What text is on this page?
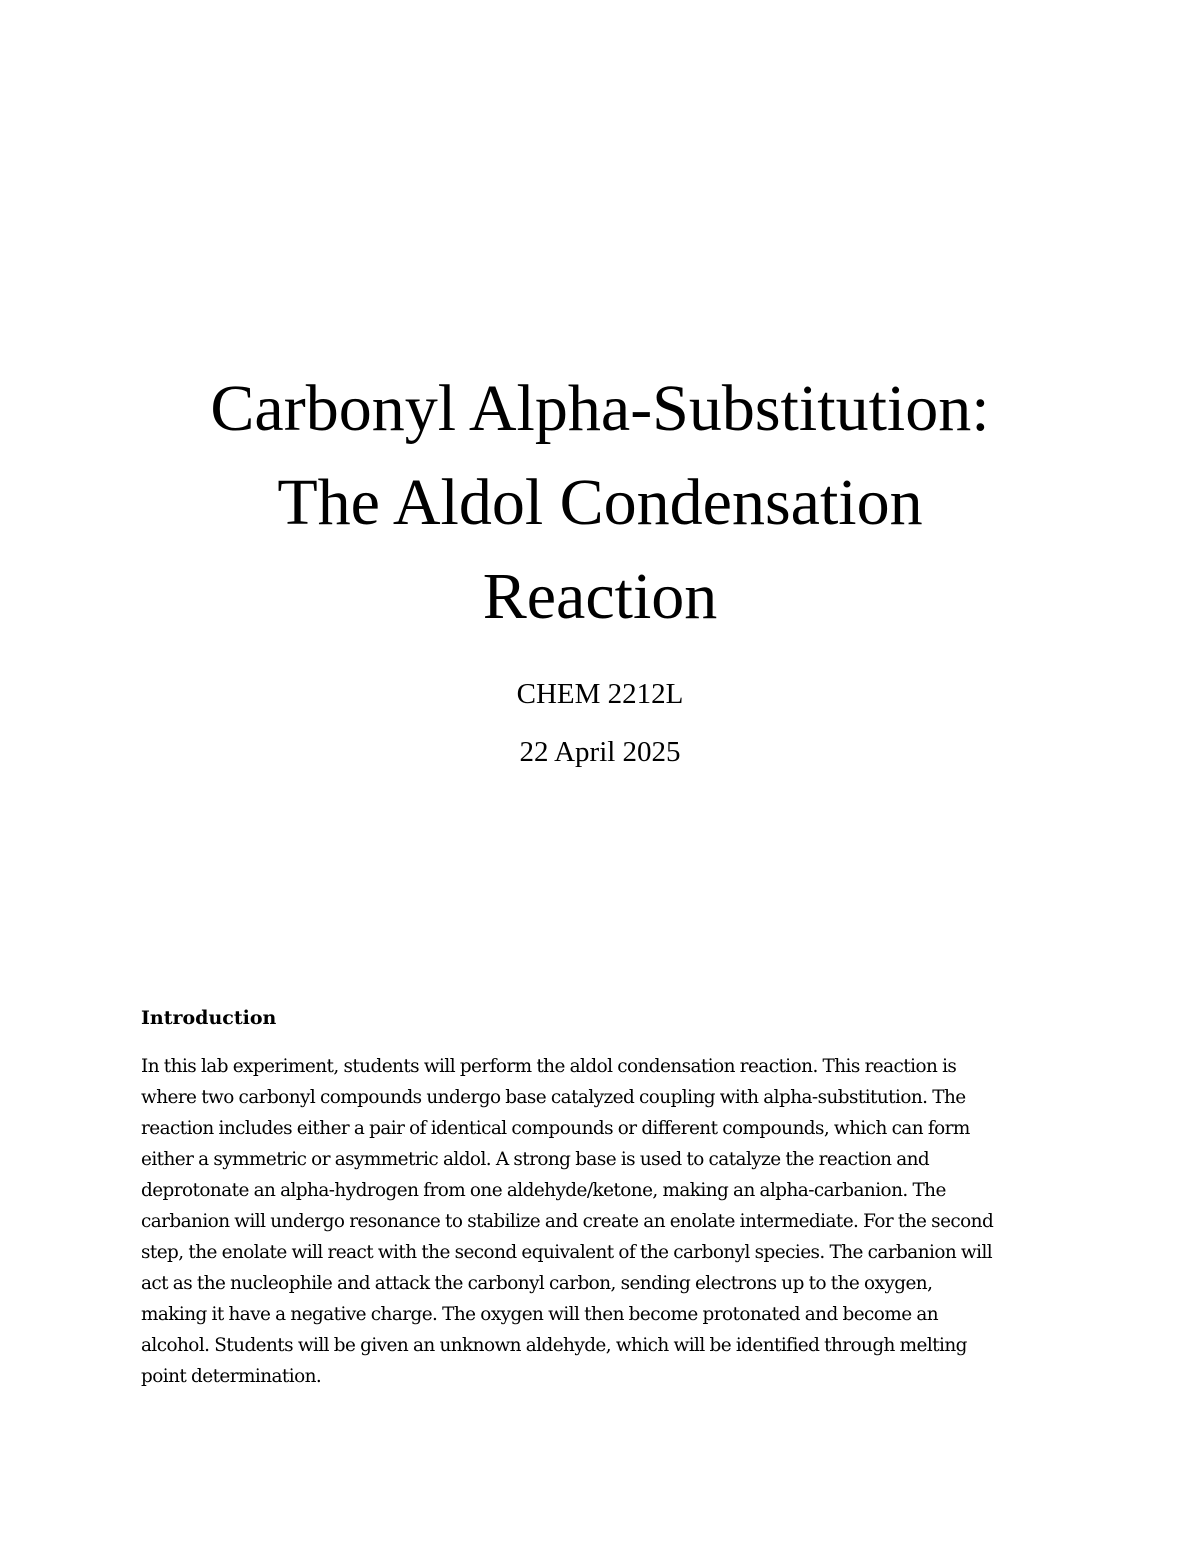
Carbonyl Alpha-Substitution:
The Aldol Condensation
Reaction

CHEM 2212L

22 April 2025

Introduction

In this lab experiment, students will perform the aldol condensation reaction. This reaction is
where two carbonyl compounds undergo base catalyzed coupling with alpha-substitution. The
reaction includes either a pair of identical compounds or different compounds, which can form
either a symmetric or asymmetric aldol. A strong base is used to catalyze the reaction and
deprotonate an alpha-hydrogen from one aldehyde/ketone, making an alpha-carbanion. The
carbanion will undergo resonance to stabilize and create an enolate intermediate. For the second
step, the enolate will react with the second equivalent of the carbonyl species. The carbanion will
act as the nucleophile and attack the carbonyl carbon, sending electrons up to the oxygen,
making it have a negative charge. The oxygen will then become protonated and become an
alcohol. Students will be given an unknown aldehyde, which will be identified through melting
point determination.
